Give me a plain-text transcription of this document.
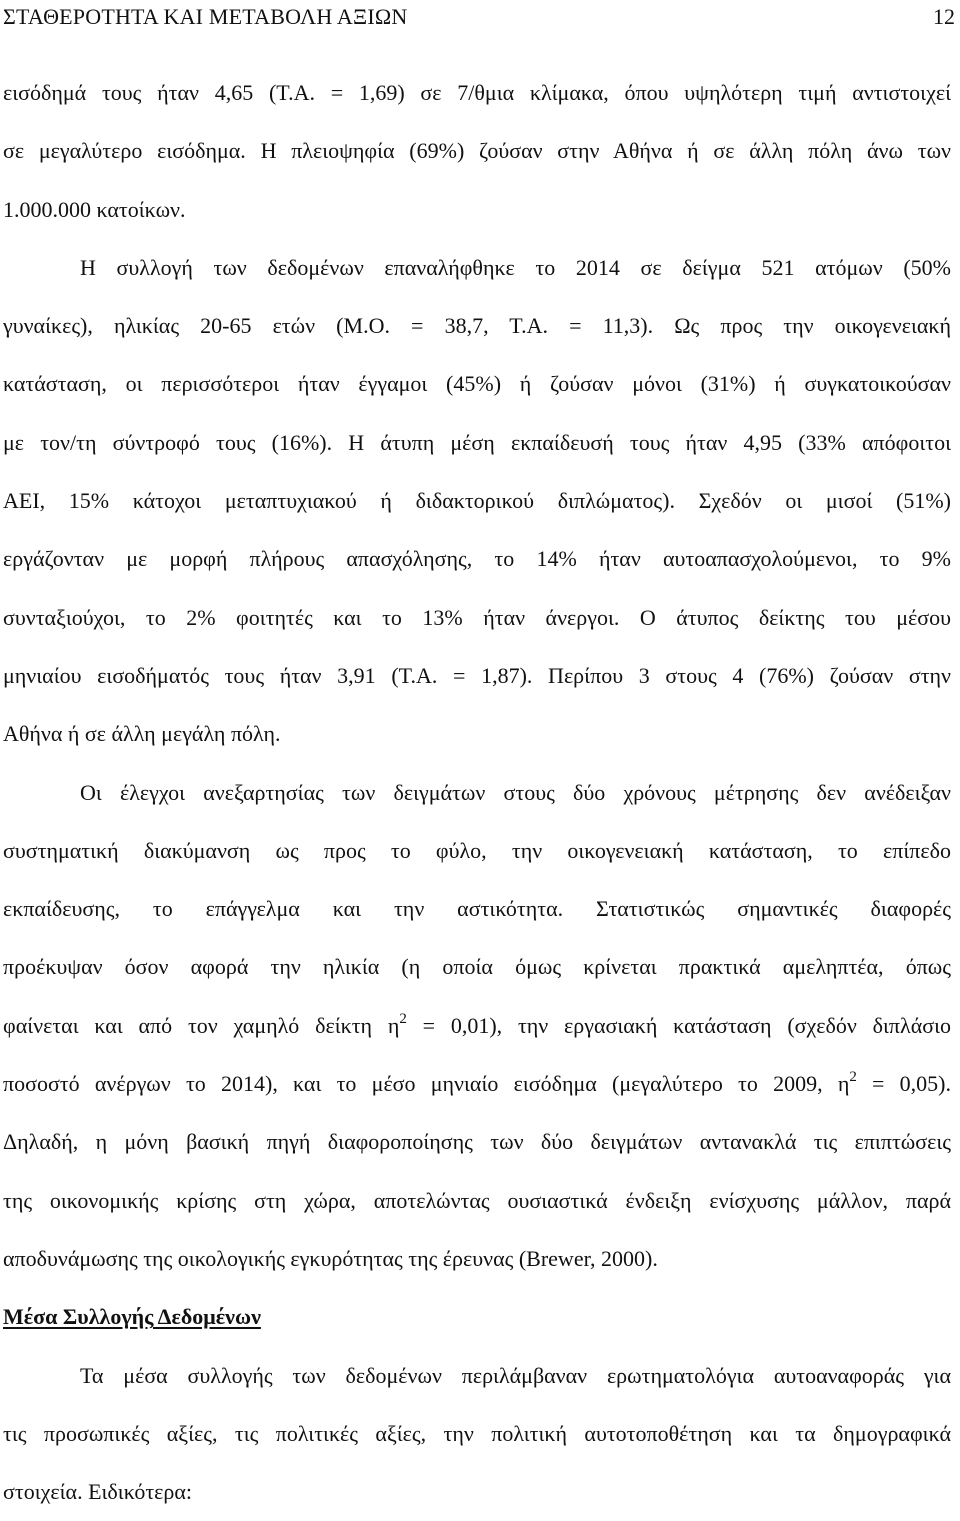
ΣΤΑΘΕΡΟΤΗΤΑ ΚΑΙ ΜΕΤΑΒΟΛΗ ΑΞΙΩΝ	12
εισόδημά τους ήταν 4,65 (Τ.Α. = 1,69) σε 7/θμια κλίμακα, όπου υψηλότερη τιμή αντιστοιχεί
σε μεγαλύτερο εισόδημα. Η πλειοψηφία (69%) ζούσαν στην Αθήνα ή σε άλλη πόλη άνω των
1.000.000 κατοίκων.
Η συλλογή των δεδομένων επαναλήφθηκε το 2014 σε δείγμα 521 ατόμων (50%
γυναίκες), ηλικίας 20-65 ετών (Μ.Ο. = 38,7, Τ.Α. = 11,3). Ως προς την οικογενειακή
κατάσταση, οι περισσότεροι ήταν έγγαμοι (45%) ή ζούσαν μόνοι (31%) ή συγκατοικούσαν
με τον/τη σύντροφό τους (16%). Η άτυπη μέση εκπαίδευσή τους ήταν 4,95 (33% απόφοιτοι
ΑΕΙ, 15% κάτοχοι μεταπτυχιακού ή διδακτορικού διπλώματος). Σχεδόν οι μισοί (51%)
εργάζονταν με μορφή πλήρους απασχόλησης, το 14% ήταν αυτοαπασχολούμενοι, το 9%
συνταξιούχοι, το 2% φοιτητές και το 13% ήταν άνεργοι. Ο άτυπος δείκτης του μέσου
μηνιαίου εισοδήματός τους ήταν 3,91 (Τ.Α. = 1,87). Περίπου 3 στους 4 (76%) ζούσαν στην
Αθήνα ή σε άλλη μεγάλη πόλη.
Οι έλεγχοι ανεξαρτησίας των δειγμάτων στους δύο χρόνους μέτρησης δεν ανέδειξαν
συστηματική διακύμανση ως προς το φύλο, την οικογενειακή κατάσταση, το επίπεδο
εκπαίδευσης, το επάγγελμα και την αστικότητα. Στατιστικώς σημαντικές διαφορές
προέκυψαν όσον αφορά την ηλικία (η οποία όμως κρίνεται πρακτικά αμεληπτέα, όπως
φαίνεται και από τον χαμηλό δείκτη $\eta^2 = 0,01$), την εργασιακή κατάσταση (σχεδόν διπλάσιο
ποσοστό ανέργων το 2014), και το μέσο μηνιαίο εισόδημα (μεγαλύτερο το 2009, $\eta^2 = 0,05$).
Δηλαδή, η μόνη βασική πηγή διαφοροποίησης των δύο δειγμάτων αντανακλά τις επιπτώσεις
της οικονομικής κρίσης στη χώρα, αποτελώντας ουσιαστικά ένδειξη ενίσχυσης μάλλον, παρά
αποδυνάμωσης της οικολογικής εγκυρότητας της έρευνας (Brewer, 2000).
Μέσα Συλλογής Δεδομένων
Τα μέσα συλλογής των δεδομένων περιλάμβαναν ερωτηματολόγια αυτοαναφοράς για
τις προσωπικές αξίες, τις πολιτικές αξίες, την πολιτική αυτοτοποθέτηση και τα δημογραφικά
στοιχεία. Ειδικότερα:
